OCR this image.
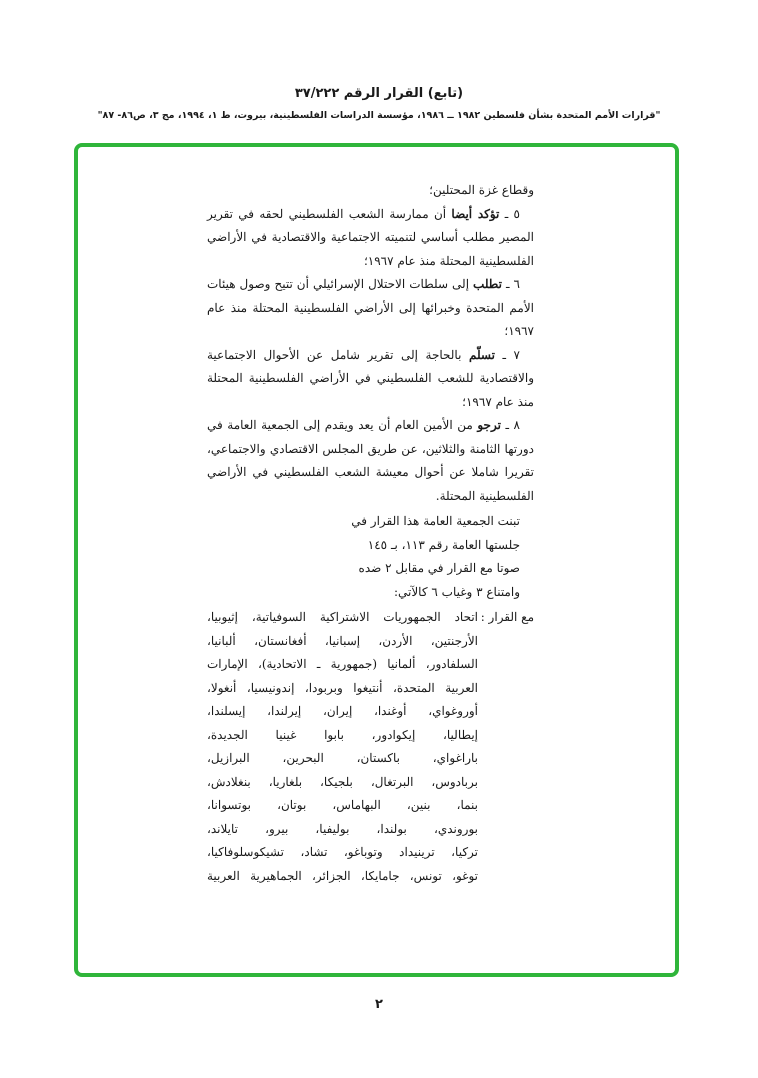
(تابع) القرار الرقم ٣٧/٢٢٢
"قرارات الأمم المتحدة بشأن فلسطين ١٩٨٢ ــ ١٩٨٦، مؤسسة الدراسات الفلسطينية، بيروت، ط ١، ١٩٩٤، مج ٣، ص٨٦- ٨٧"

وقطاع غزة المحتلين؛

٥ ـ تؤكد أيضا أن ممارسة الشعب الفلسطيني لحقه في تقرير المصير مطلب أساسي لتنميته الاجتماعية والاقتصادية في الأراضي الفلسطينية المحتلة منذ عام ١٩٦٧؛

٦ ـ تطلب إلى سلطات الاحتلال الإسرائيلي أن تتيح وصول هيئات الأمم المتحدة وخبرائها إلى الأراضي الفلسطينية المحتلة منذ عام ١٩٦٧؛

٧ ـ تسلّم بالحاجة إلى تقرير شامل عن الأحوال الاجتماعية والاقتصادية للشعب الفلسطيني في الأراضي الفلسطينية المحتلة منذ عام ١٩٦٧؛

٨ ـ ترجو من الأمين العام أن يعد ويقدم إلى الجمعية العامة في دورتها الثامنة والثلاثين، عن طريق المجلس الاقتصادي والاجتماعي، تقريرا شاملا عن أحوال معيشة الشعب الفلسطيني في الأراضي الفلسطينية المحتلة.

تبنت الجمعية العامة هذا القرار في

جلستها العامة رقم ١١٣، بـ ١٤٥

صوتا مع القرار في مقابل ٢ ضده

وامتناع ٣ وغياب ٦ كالآتي:

مع القرار :
اتحاد الجمهوريات الاشتراكية السوفياتية، إثيوبيا،
الأرجنتين، الأردن، إسبانيا، أفغانستان، ألبانيا،
السلفادور، ألمانيا (جمهورية ـ الاتحادية)، الإمارات
العربية المتحدة، أنتيغوا وبربودا، إندونيسيا، أنغولا،
أوروغواي، أوغندا، إيران، إيرلندا، إيسلندا،
إيطاليا، إيكوادور، بابوا غينيا الجديدة،
باراغواي، باكستان، البحرين، البرازيل،
بربادوس، البرتغال، بلجيكا، بلغاريا، بنغلادش،
بنما، بنين، البهاماس، بوتان، بوتسوانا،
بوروندي، بولندا، بوليفيا، بيرو، تايلاند،
تركيا، ترينيداد وتوباغو، تشاد، تشيكوسلوفاكيا،
توغو، تونس، جامايكا، الجزائر، الجماهيرية العربية
٢
